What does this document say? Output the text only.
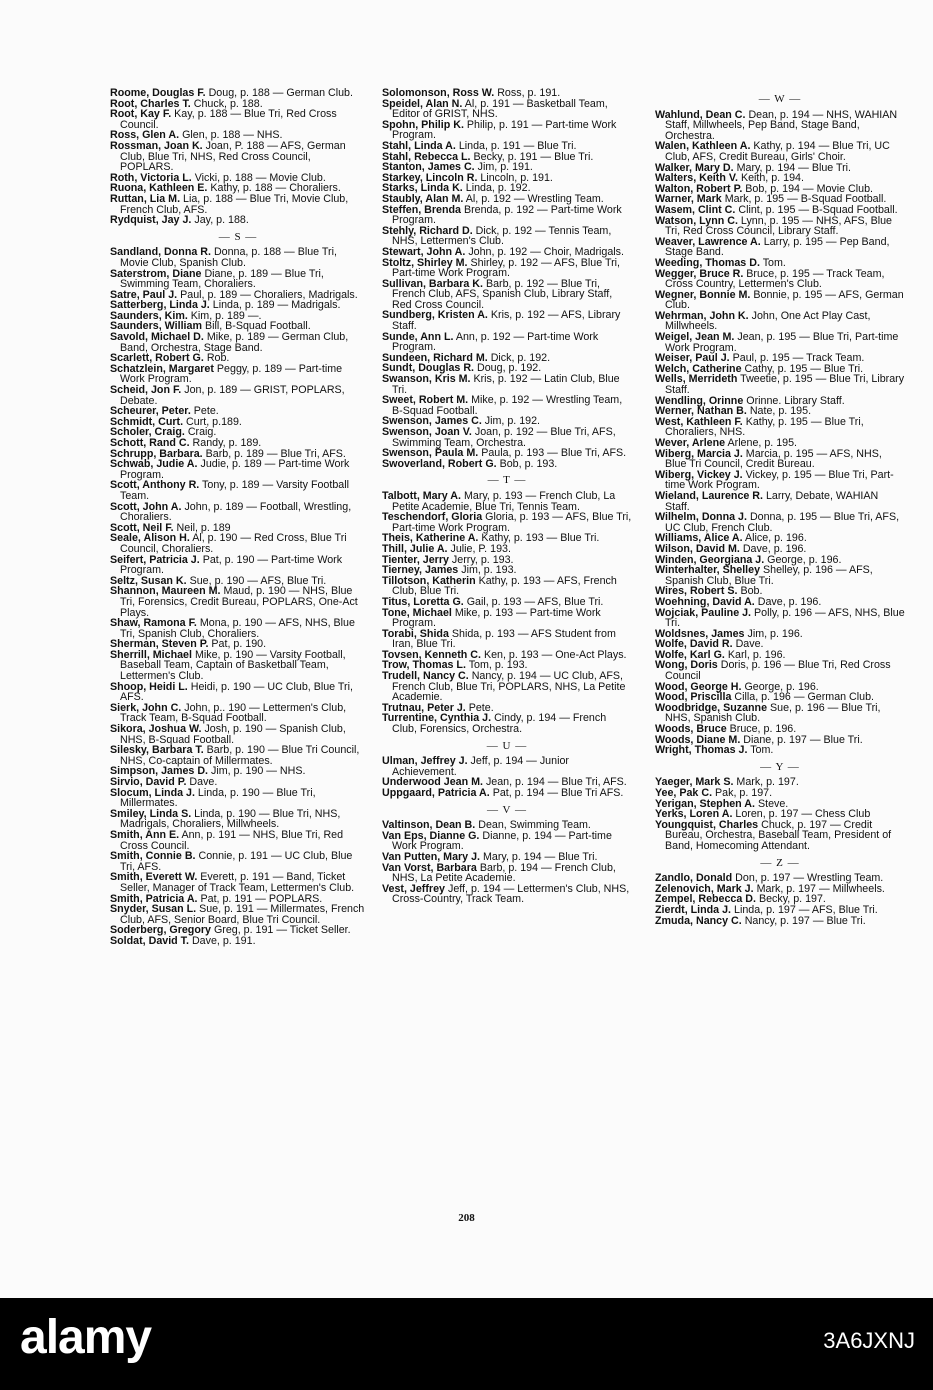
Roome, Douglas F. Doug, p. 188 — German Club.

Root, Charles T. Chuck, p. 188.

Root, Kay F. Kay, p. 188 — Blue Tri, Red Cross Council.

Ross, Glen A. Glen, p. 188 — NHS.

Rossman, Joan K. Joan, P. 188 — AFS, German Club, Blue Tri, NHS, Red Cross Council, POPLARS.

Roth, Victoria L. Vicki, p. 188 — Movie Club.

Ruona, Kathleen E. Kathy, p. 188 — Choraliers.

Ruttan, Lia M. Lia, p. 188 — Blue Tri, Movie Club, French Club, AFS.

Rydquist, Jay J. Jay, p. 188.

— S —

Sandland, Donna R. Donna, p. 188 — Blue Tri, Movie Club, Spanish Club.

Saterstrom, Diane Diane, p. 189 — Blue Tri, Swimming Team, Choraliers.

Satre, Paul J. Paul, p. 189 — Choraliers, Madrigals.

Satterberg, Linda J. Linda, p. 189 — Madrigals.

Saunders, Kim. Kim, p. 189 —.

Saunders, William Bill, B-Squad Football.

Savold, Michael D. Mike, p. 189 — German Club, Band, Orchestra, Stage Band.

Scarlett, Robert G. Rob.

Schatzlein, Margaret Peggy, p. 189 — Part-time Work Program.

Scheid, Jon F. Jon, p. 189 — GRIST, POPLARS, Debate.

Scheurer, Peter. Pete.

Schmidt, Curt. Curt, p.189.

Scholer, Craig. Craig.

Schott, Rand C. Randy, p. 189.

Schrupp, Barbara. Barb, p. 189 — Blue Tri, AFS.

Schwab, Judie A. Judie, p. 189 — Part-time Work Program.

Scott, Anthony R. Tony, p. 189 — Varsity Football Team.

Scott, John A. John, p. 189 — Football, Wrestling, Choraliers.

Scott, Neil F. Neil, p. 189

Seale, Alison H. Al, p. 190 — Red Cross, Blue Tri Council, Choraliers.

Seifert, Patricia J. Pat, p. 190 — Part-time Work Program.

Seltz, Susan K. Sue, p. 190 — AFS, Blue Tri.

Shannon, Maureen M. Maud, p. 190 — NHS, Blue Tri, Forensics, Credit Bureau, POPLARS, One-Act Plays.

Shaw, Ramona F. Mona, p. 190 — AFS, NHS, Blue Tri, Spanish Club, Choraliers.

Sherman, Steven P. Pat, p. 190.

Sherrill, Michael Mike, p. 190 — Varsity Football, Baseball Team, Captain of Basketball Team, Lettermen's Club.

Shoop, Heidi L. Heidi, p. 190 — UC Club, Blue Tri, AFS.

Sierk, John C. John, p.. 190 — Lettermen's Club, Track Team, B-Squad Football.

Sikora, Joshua W. Josh, p. 190 — Spanish Club, NHS, B-Squad Football.

Silesky, Barbara T. Barb, p. 190 — Blue Tri Council, NHS, Co-captain of Millermates.

Simpson, James D. Jim, p. 190 — NHS.

Sirvio, David P. Dave.

Slocum, Linda J. Linda, p. 190 — Blue Tri, Millermates.

Smiley, Linda S. Linda, p. 190 — Blue Tri, NHS, Madrigals, Choraliers, Millwheels.

Smith, Ann E. Ann, p. 191 — NHS, Blue Tri, Red Cross Council.

Smith, Connie B. Connie, p. 191 — UC Club, Blue Tri, AFS.

Smith, Everett W. Everett, p. 191 — Band, Ticket Seller, Manager of Track Team, Lettermen's Club.

Smith, Patricia A. Pat, p. 191 — POPLARS.

Snyder, Susan L. Sue, p. 191 — Millermates, French Club, AFS, Senior Board, Blue Tri Council.

Soderberg, Gregory Greg, p. 191 — Ticket Seller.

Soldat, David T. Dave, p. 191.

Solomonson, Ross W. Ross, p. 191.

Speidel, Alan N. Al, p. 191 — Basketball Team, Editor of GRIST, NHS.

Spohn, Philip K. Philip, p. 191 — Part-time Work Program.

Stahl, Linda A. Linda, p. 191 — Blue Tri.

Stahl, Rebecca L. Becky, p. 191 — Blue Tri.

Stanton, James C. Jim, p. 191.

Starkey, Lincoln R. Lincoln, p. 191.

Starks, Linda K. Linda, p. 192.

Staubly, Alan M. Al, p. 192 — Wrestling Team.

Steffen, Brenda Brenda, p. 192 — Part-time Work Program.

Stehly, Richard D. Dick, p. 192 — Tennis Team, NHS, Lettermen's Club.

Stewart, John A. John, p. 192 — Choir, Madrigals.

Stoltz, Shirley M. Shirley, p. 192 — AFS, Blue Tri, Part-time Work Program.

Sullivan, Barbara K. Barb, p. 192 — Blue Tri, French Club, AFS, Spanish Club, Library Staff, Red Cross Council.

Sundberg, Kristen A. Kris, p. 192 — AFS, Library Staff.

Sunde, Ann L. Ann, p. 192 — Part-time Work Program.

Sundeen, Richard M. Dick, p. 192.

Sundt, Douglas R. Doug, p. 192.

Swanson, Kris M. Kris, p. 192 — Latin Club, Blue Tri.

Sweet, Robert M. Mike, p. 192 — Wrestling Team, B-Squad Football.

Swenson, James C. Jim, p. 192.

Swenson, Joan V. Joan, p. 192 — Blue Tri, AFS, Swimming Team, Orchestra.

Swenson, Paula M. Paula, p. 193 — Blue Tri, AFS.

Swoverland, Robert G. Bob, p. 193.

— T —

Talbott, Mary A. Mary, p. 193 — French Club, La Petite Academie, Blue Tri, Tennis Team.

Teschendorf, Gloria Gloria, p. 193 — AFS, Blue Tri, Part-time Work Program.

Theis, Katherine A. Kathy, p. 193 — Blue Tri.

Thill, Julie A. Julie, P. 193.

Tienter, Jerry Jerry, p. 193.

Tierney, James Jim, p. 193.

Tillotson, Katherin Kathy, p. 193 — AFS, French Club, Blue Tri.

Titus, Loretta G. Gail, p. 193 — AFS, Blue Tri.

Tone, Michael Mike, p. 193 — Part-time Work Program.

Torabi, Shida Shida, p. 193 — AFS Student from Iran, Blue Tri.

Tovsen, Kenneth C. Ken, p. 193 — One-Act Plays.

Trow, Thomas L. Tom, p. 193.

Trudell, Nancy C. Nancy, p. 194 — UC Club, AFS, French Club, Blue Tri, POPLARS, NHS, La Petite Academie.

Trutnau, Peter J. Pete.

Turrentine, Cynthia J. Cindy, p. 194 — French Club, Forensics, Orchestra.

— U —

Ulman, Jeffrey J. Jeff, p. 194 — Junior Achievement.

Underwood Jean M. Jean, p. 194 — Blue Tri, AFS.

Uppgaard, Patricia A. Pat, p. 194 — Blue Tri AFS.

— V —

Valtinson, Dean B. Dean, Swimming Team.

Van Eps, Dianne G. Dianne, p. 194 — Part-time Work Program.

Van Putten, Mary J. Mary, p. 194 — Blue Tri.

Van Vorst, Barbara Barb, p. 194 — French Club, NHS, La Petite Academie.

Vest, Jeffrey Jeff, p. 194 — Lettermen's Club, NHS, Cross-Country, Track Team.

— W —

Wahlund, Dean C. Dean, p. 194 — NHS, WAHIAN Staff, Millwheels, Pep Band, Stage Band, Orchestra.

Walen, Kathleen A. Kathy, p. 194 — Blue Tri, UC Club, AFS, Credit Bureau, Girls' Choir.

Walker, Mary D. Mary, p. 194 — Blue Tri.

Walters, Keith V. Keith, p. 194.

Walton, Robert P. Bob, p. 194 — Movie Club.

Warner, Mark Mark, p. 195 — B-Squad Football.

Wasem, Clint C. Clint, p. 195 — B-Squad Football.

Watson, Lynn C. Lynn, p. 195 — NHS, AFS, Blue Tri, Red Cross Council, Library Staff.

Weaver, Lawrence A. Larry, p. 195 — Pep Band, Stage Band.

Weeding, Thomas D. Tom.

Wegger, Bruce R. Bruce, p. 195 — Track Team, Cross Country, Lettermen's Club.

Wegner, Bonnie M. Bonnie, p. 195 — AFS, German Club.

Wehrman, John K. John, One Act Play Cast, Millwheels.

Weigel, Jean M. Jean, p. 195 — Blue Tri, Part-time Work Program.

Weiser, Paul J. Paul, p. 195 — Track Team.

Welch, Catherine Cathy, p. 195 — Blue Tri.

Wells, Merrideth Tweetie, p. 195 — Blue Tri, Library Staff.

Wendling, Orinne Orinne. Library Staff.

Werner, Nathan B. Nate, p. 195.

West, Kathleen F. Kathy, p. 195 — Blue Tri, Choraliers, NHS.

Wever, Arlene Arlene, p. 195.

Wiberg, Marcia J. Marcia, p. 195 — AFS, NHS, Blue Tri Council, Credit Bureau.

Wiberg, Vickey J. Vickey, p. 195 — Blue Tri, Part-time Work Program.

Wieland, Laurence R. Larry, Debate, WAHIAN Staff.

Wilhelm, Donna J. Donna, p. 195 — Blue Tri, AFS, UC Club, French Club.

Williams, Alice A. Alice, p. 196.

Wilson, David M. Dave, p. 196.

Winden, Georgiana J. George, p. 196.

Winterhalter, Shelley Shelley, p. 196 — AFS, Spanish Club, Blue Tri.

Wires, Robert S. Bob.

Woehning, David A. Dave, p. 196.

Wojciak, Pauline J. Polly, p. 196 — AFS, NHS, Blue Tri.

Woldsnes, James Jim, p. 196.

Wolfe, David R. Dave.

Wolfe, Karl G. Karl, p. 196.

Wong, Doris Doris, p. 196 — Blue Tri, Red Cross Council

Wood, George H. George, p. 196.

Wood, Priscilla Cilla, p. 196 — German Club.

Woodbridge, Suzanne Sue, p. 196 — Blue Tri, NHS, Spanish Club.

Woods, Bruce Bruce, p. 196.

Woods, Diane M. Diane, p. 197 — Blue Tri.

Wright, Thomas J. Tom.

— Y —

Yaeger, Mark S. Mark, p. 197.

Yee, Pak C. Pak, p. 197.

Yerigan, Stephen A. Steve.

Yerks, Loren A. Loren, p. 197 — Chess Club

Youngquist, Charles Chuck, p. 197 — Credit Bureau, Orchestra, Baseball Team, President of Band, Homecoming Attendant.

— Z —

Zandlo, Donald Don, p. 197 — Wrestling Team.

Zelenovich, Mark J. Mark, p. 197 — Millwheels.

Zempel, Rebecca D. Becky, p. 197.

Zierdt, Linda J. Linda, p. 197 — AFS, Blue Tri.

Zmuda, Nancy C. Nancy, p. 197 — Blue Tri.

208
alamy	3A6JXNJ
